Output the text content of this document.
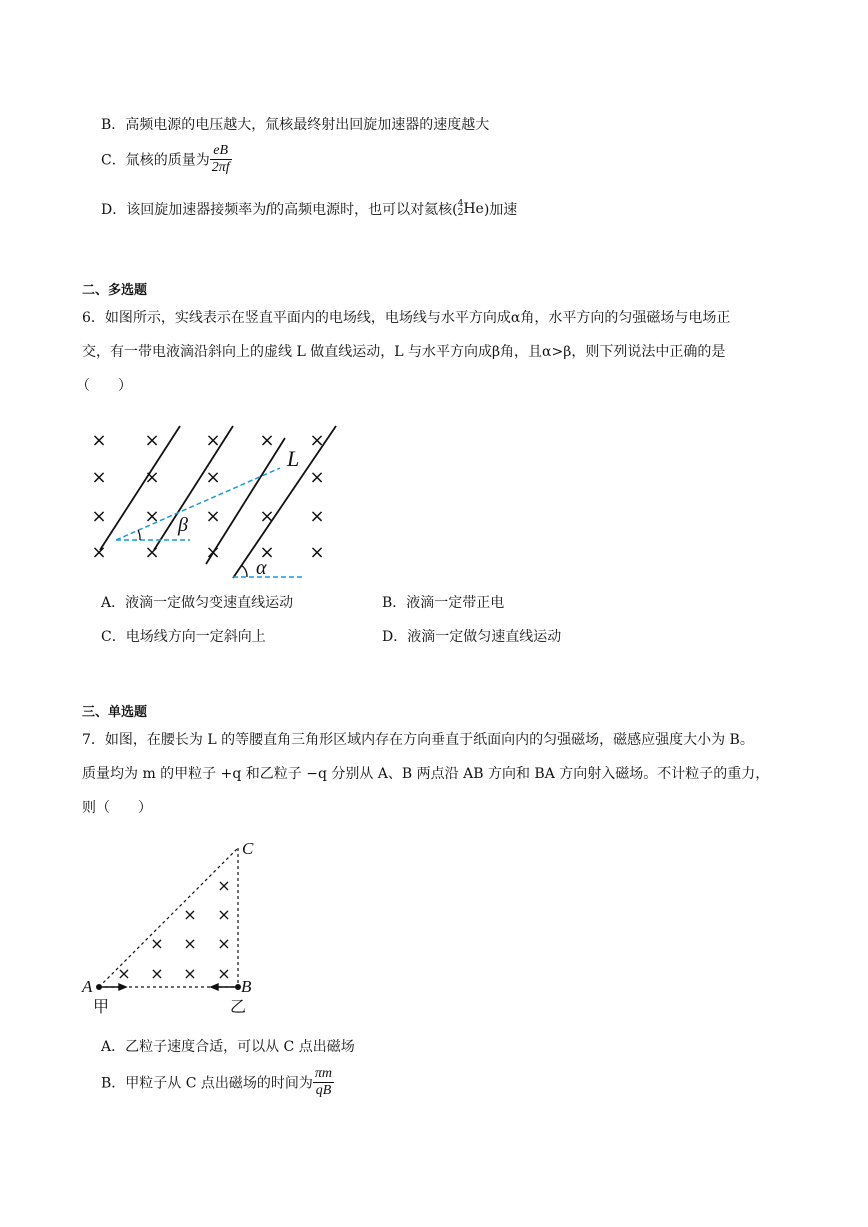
B．高频电源的电压越大，氚核最终射出回旋加速器的速度越大
C．氚核的质量为 $\frac{eB}{2\pi f}$
D．该回旋加速器接频率为f的高频电源时，也可以对氦核( 4
2 He)加速
二、多选题
6．如图所示，实线表示在竖直平面内的电场线，电场线与水平方向成α角，水平方向的匀强磁场与电场正
交，有一带电液滴沿斜向上的虚线 L 做直线运动，L 与水平方向成β角，且α>β，则下列说法中正确的是
（　　）
× ×	× × ×
× ×	×	×
× ×	× × ×
× ×	× × ×
L
β
α
A．液滴一定做匀变速直线运动	B．液滴一定带正电
C．电场线方向一定斜向上	D．液滴一定做匀速直线运动
三、单选题
7．如图，在腰长为 L 的等腰直角三角形区域内存在方向垂直于纸面向内的匀强磁场，磁感应强度大小为 B。
质量均为 m 的甲粒子 +q 和乙粒子 −q 分别从 A、B 两点沿 AB 方向和 BA 方向射入磁场。不计粒子的重力，
则（　　）
×
× ×
× × ×
× × × ×
A	B
C
甲	乙
A．乙粒子速度合适，可以从 C 点出磁场
B．甲粒子从 C 点出磁场的时间为 $\frac{\pi m}{qB}$
